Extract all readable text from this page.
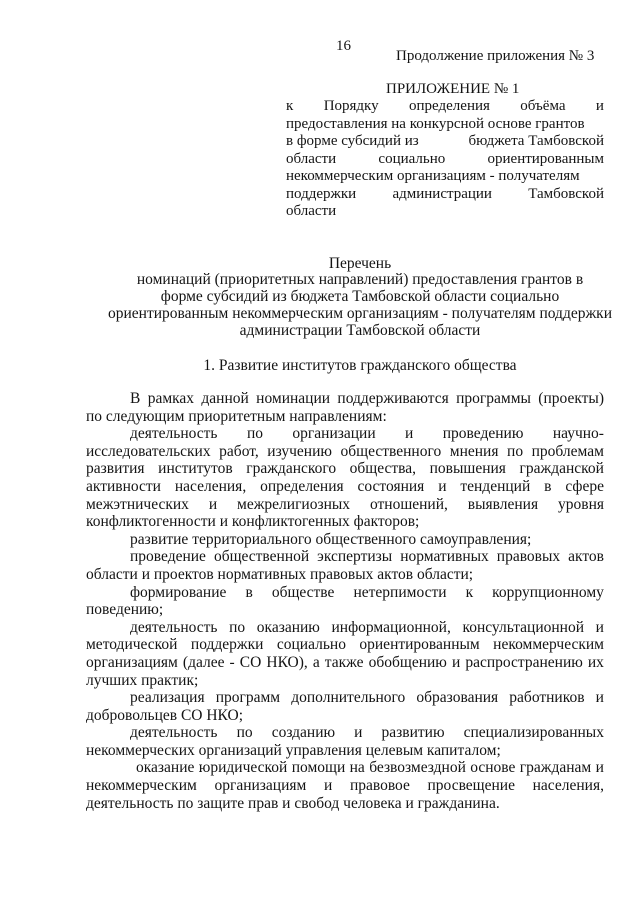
16
Продолжение приложения № 3
ПРИЛОЖЕНИЕ № 1
к Порядку определения объёма и
предоставления на конкурсной основе грантов
в форме субсидий из	бюджета Тамбовской
области	социально	ориентированным
некоммерческим организациям - получателям
поддержки администрации Тамбовской
области
Перечень
номинаций (приоритетных направлений) предоставления грантов в
форме субсидий из бюджета Тамбовской области социально
ориентированным некоммерческим организациям - получателям поддержки
администрации Тамбовской области
1. Развитие институтов гражданского общества
В рамках данной номинации поддерживаются программы (проекты)
по следующим приоритетным направлениям:
деятельность по организации и проведению научно-
исследовательских работ, изучению общественного мнения по проблемам
развития институтов гражданского общества, повышения гражданской
активности населения, определения состояния и тенденций в сфере
межэтнических и межрелигиозных отношений, выявления уровня
конфликтогенности и конфликтогенных факторов;
развитие территориального общественного самоуправления;
проведение общественной экспертизы нормативных правовых актов
области и проектов нормативных правовых актов области;
формирование в обществе нетерпимости к коррупционному
поведению;
деятельность по оказанию информационной, консультационной и
методической поддержки социально ориентированным некоммерческим
организациям (далее - СО НКО), а также обобщению и распространению их
лучших практик;
реализация программ дополнительного образования работников и
добровольцев СО НКО;
деятельность по созданию и развитию специализированных
некоммерческих организаций управления целевым капиталом;
оказание юридической помощи на безвозмездной основе гражданам и
некоммерческим организациям и правовое просвещение населения,
деятельность по защите прав и свобод человека и гражданина.
